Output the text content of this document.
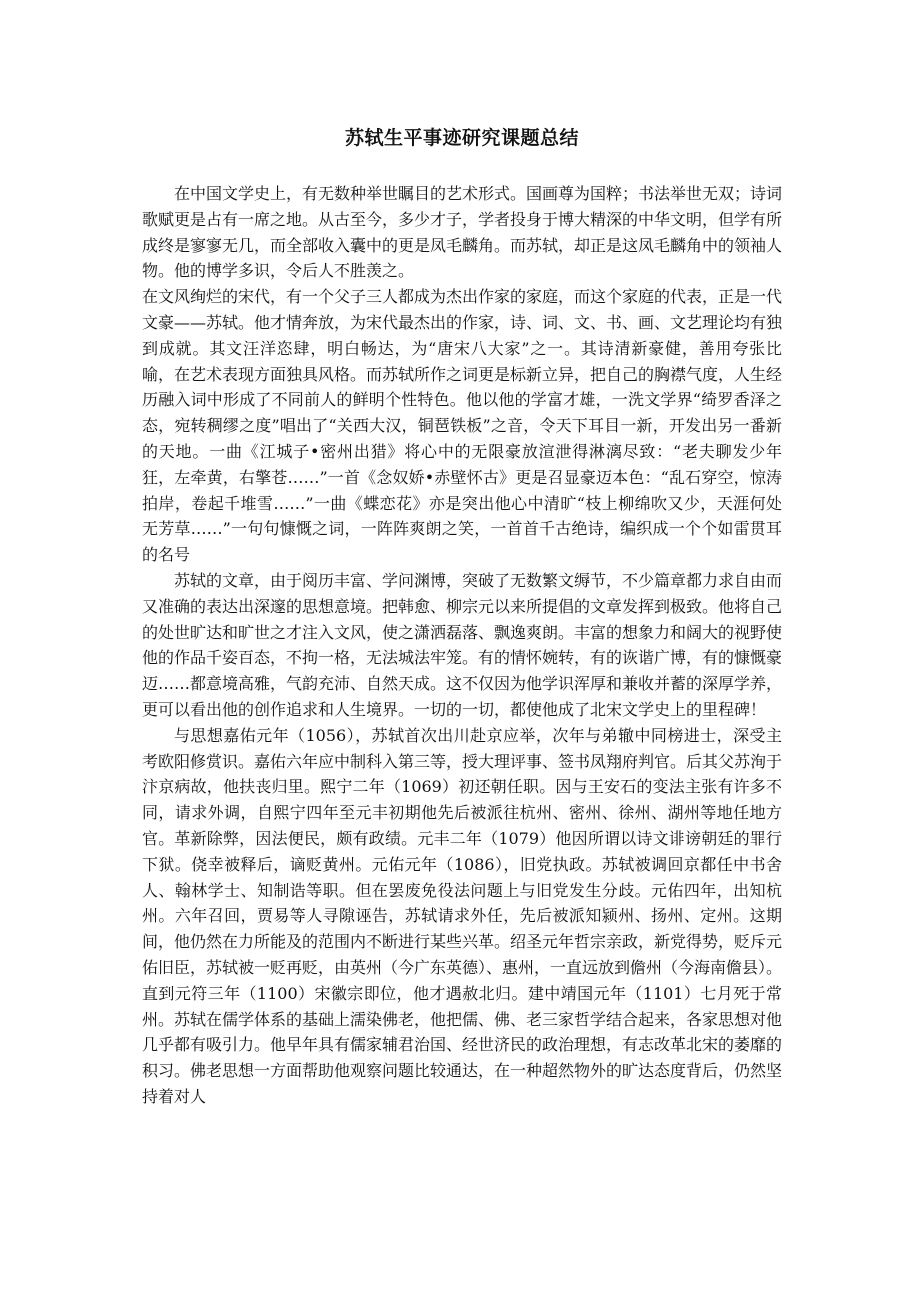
苏轼生平事迹研究课题总结

在中国文学史上，有无数种举世瞩目的艺术形式。国画尊为国粹；书法举世无双；诗词歌赋更是占有一席之地。从古至今，多少才子，学者投身于博大精深的中华文明，但学有所成终是寥寥无几，而全部收入囊中的更是凤毛麟角。而苏轼，却正是这凤毛麟角中的领袖人物。他的博学多识，令后人不胜羡之。

在文风绚烂的宋代，有一个父子三人都成为杰出作家的家庭，而这个家庭的代表，正是一代文豪——苏轼。他才情奔放，为宋代最杰出的作家，诗、词、文、书、画、文艺理论均有独到成就。其文汪洋恣肆，明白畅达，为“唐宋八大家”之一。其诗清新豪健，善用夸张比喻，在艺术表现方面独具风格。而苏轼所作之词更是标新立异，把自己的胸襟气度，人生经历融入词中形成了不同前人的鲜明个性特色。他以他的学富才雄，一洗文学界“绮罗香泽之态，宛转稠缪之度”唱出了“关西大汉，铜琶铁板”之音，令天下耳目一新，开发出另一番新的天地。一曲《江城子•密州出猎》将心中的无限豪放渲泄得淋漓尽致：“老夫聊发少年狂，左牵黄，右擎苍……”一首《念奴娇•赤壁怀古》更是召显豪迈本色：“乱石穿空，惊涛拍岸，卷起千堆雪……”一曲《蝶恋花》亦是突出他心中清旷“枝上柳绵吹又少，天涯何处无芳草……”一句句慷慨之词，一阵阵爽朗之笑，一首首千古绝诗，编织成一个个如雷贯耳的名号

苏轼的文章，由于阅历丰富、学问渊博，突破了无数繁文缛节，不少篇章都力求自由而又准确的表达出深邃的思想意境。把韩愈、柳宗元以来所提倡的文章发挥到极致。他将自己的处世旷达和旷世之才注入文风，使之潇洒磊落、飘逸爽朗。丰富的想象力和阔大的视野使他的作品千姿百态，不拘一格，无法城法牢笼。有的情怀婉转，有的诙谐广博，有的慷慨豪迈……都意境高雅，气韵充沛、自然天成。这不仅因为他学识浑厚和兼收并蓄的深厚学养，更可以看出他的创作追求和人生境界。一切的一切，都使他成了北宋文学史上的里程碑！

与思想嘉佑元年（1056），苏轼首次出川赴京应举，次年与弟辙中同榜进士，深受主考欧阳修赏识。嘉佑六年应中制科入第三等，授大理评事、签书凤翔府判官。后其父苏洵于汴京病故，他扶丧归里。熙宁二年（1069）初还朝任职。因与王安石的变法主张有许多不同，请求外调，自熙宁四年至元丰初期他先后被派往杭州、密州、徐州、湖州等地任地方官。革新除弊，因法便民，颇有政绩。元丰二年（1079）他因所谓以诗文诽谤朝廷的罪行下狱。侥幸被释后，谪贬黄州。元佑元年（1086），旧党执政。苏轼被调回京都任中书舍人、翰林学士、知制诰等职。但在罢废免役法问题上与旧党发生分歧。元佑四年，出知杭州。六年召回，贾易等人寻隙诬告，苏轼请求外任，先后被派知颍州、扬州、定州。这期间，他仍然在力所能及的范围内不断进行某些兴革。绍圣元年哲宗亲政，新党得势，贬斥元佑旧臣，苏轼被一贬再贬，由英州（今广东英德）、惠州，一直远放到儋州（今海南儋县）。直到元符三年（1100）宋徽宗即位，他才遇赦北归。建中靖国元年（1101）七月死于常州。苏轼在儒学体系的基础上濡染佛老，他把儒、佛、老三家哲学结合起来，各家思想对他几乎都有吸引力。他早年具有儒家辅君治国、经世济民的政治理想，有志改革北宋的萎靡的积习。佛老思想一方面帮助他观察问题比较通达，在一种超然物外的旷达态度背后，仍然坚持着对人
